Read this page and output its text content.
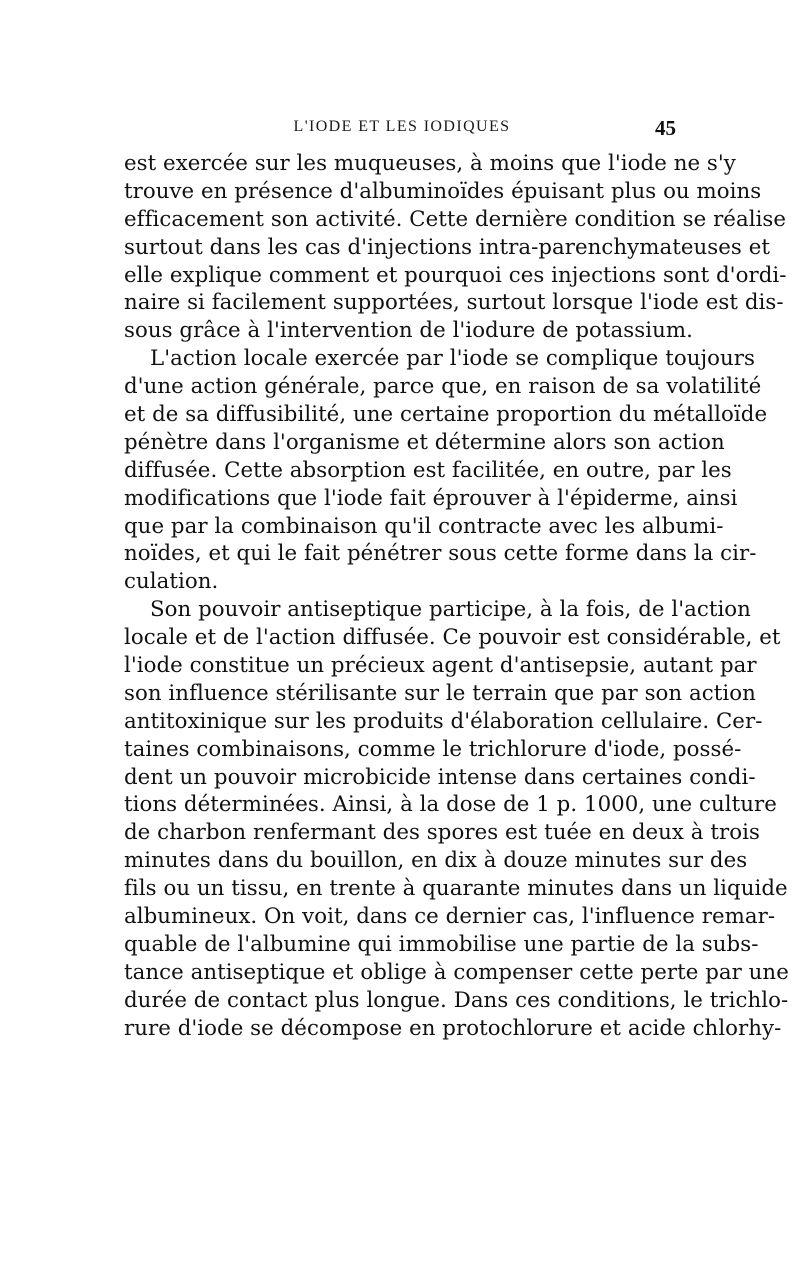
L'IODE ET LES IODIQUES	45
est exercée sur les muqueuses, à moins que l'iode ne s'y
trouve en présence d'albuminoïdes épuisant plus ou moins
efficacement son activité. Cette dernière condition se réalise
surtout dans les cas d'injections intra-parenchymateuses et
elle explique comment et pourquoi ces injections sont d'ordi-
naire si facilement supportées, surtout lorsque l'iode est dis-
sous grâce à l'intervention de l'iodure de potassium.
L'action locale exercée par l'iode se complique toujours
d'une action générale, parce que, en raison de sa volatilité
et de sa diffusibilité, une certaine proportion du métalloïde
pénètre dans l'organisme et détermine alors son action
diffusée. Cette absorption est facilitée, en outre, par les
modifications que l'iode fait éprouver à l'épiderme, ainsi
que par la combinaison qu'il contracte avec les albumi-
noïdes, et qui le fait pénétrer sous cette forme dans la cir-
culation.
Son pouvoir antiseptique participe, à la fois, de l'action
locale et de l'action diffusée. Ce pouvoir est considérable, et
l'iode constitue un précieux agent d'antisepsie, autant par
son influence stérilisante sur le terrain que par son action
antitoxinique sur les produits d'élaboration cellulaire. Cer-
taines combinaisons, comme le trichlorure d'iode, possé-
dent un pouvoir microbicide intense dans certaines condi-
tions déterminées. Ainsi, à la dose de 1 p. 1000, une culture
de charbon renfermant des spores est tuée en deux à trois
minutes dans du bouillon, en dix à douze minutes sur des
fils ou un tissu, en trente à quarante minutes dans un liquide
albumineux. On voit, dans ce dernier cas, l'influence remar-
quable de l'albumine qui immobilise une partie de la subs-
tance antiseptique et oblige à compenser cette perte par une
durée de contact plus longue. Dans ces conditions, le trichlo-
rure d'iode se décompose en protochlorure et acide chlorhy-
